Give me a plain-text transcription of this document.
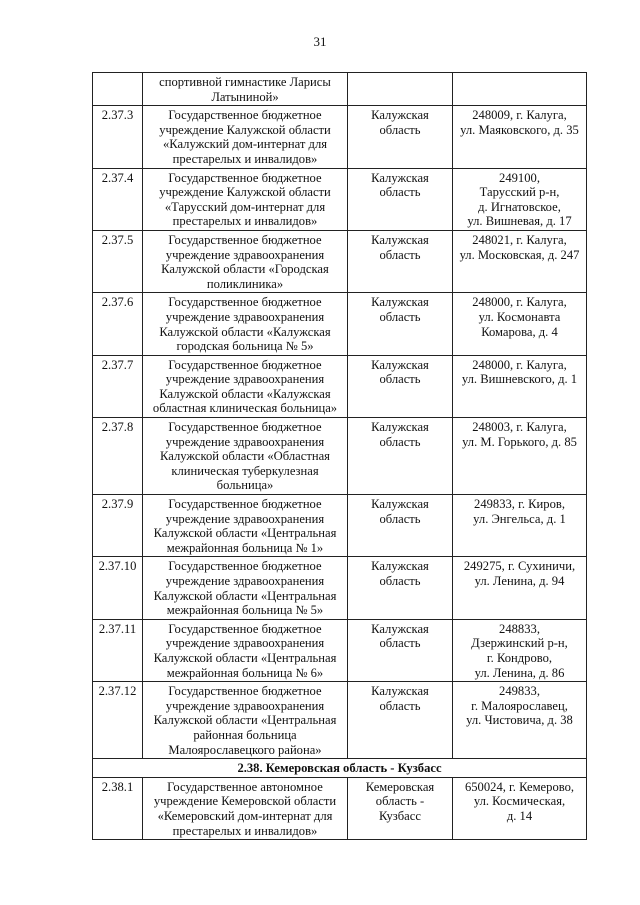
31

	спортивной гимнастике Ларисы
Латыниной»		

2.37.3	Государственное бюджетное
учреждение Калужской области
«Калужский дом-интернат для
престарелых и инвалидов»	Калужская
область	248009, г. Калуга,
ул. Маяковского, д. 35

2.37.4	Государственное бюджетное
учреждение Калужской области
«Тарусский дом-интернат для
престарелых и инвалидов»	Калужская
область	249100,
Тарусский р-н,
д. Игнатовское,
ул. Вишневая, д. 17

2.37.5	Государственное бюджетное
учреждение здравоохранения
Калужской области «Городская
поликлиника»	Калужская
область	248021, г. Калуга,
ул. Московская, д. 247

2.37.6	Государственное бюджетное
учреждение здравоохранения
Калужской области «Калужская
городская больница № 5»	Калужская
область	248000, г. Калуга,
ул. Космонавта
Комарова, д. 4

2.37.7	Государственное бюджетное
учреждение здравоохранения
Калужской области «Калужская
областная клиническая больница»	Калужская
область	248000, г. Калуга,
ул. Вишневского, д. 1

2.37.8	Государственное бюджетное
учреждение здравоохранения
Калужской области «Областная
клиническая туберкулезная
больница»	Калужская
область	248003, г. Калуга,
ул. М. Горького, д. 85

2.37.9	Государственное бюджетное
учреждение здравоохранения
Калужской области «Центральная
межрайонная больница № 1»	Калужская
область	249833, г. Киров,
ул. Энгельса, д. 1

2.37.10	Государственное бюджетное
учреждение здравоохранения
Калужской области «Центральная
межрайонная больница № 5»	Калужская
область	249275, г. Сухиничи,
ул. Ленина, д. 94

2.37.11	Государственное бюджетное
учреждение здравоохранения
Калужской области «Центральная
межрайонная больница № 6»	Калужская
область	248833,
Дзержинский р-н,
г. Кондрово,
ул. Ленина, д. 86

2.37.12	Государственное бюджетное
учреждение здравоохранения
Калужской области «Центральная
районная больница
Малоярославецкого района»	Калужская
область	249833,
г. Малоярославец,
ул. Чистовича, д. 38

2.38. Кемеровская область - Кузбасс			
2.38.1	Государственное автономное
учреждение Кемеровской области
«Кемеровский дом-интернат для
престарелых и инвалидов»	Кемеровская
область -
Кузбасс	650024, г. Кемерово,
ул. Космическая,
д. 14
